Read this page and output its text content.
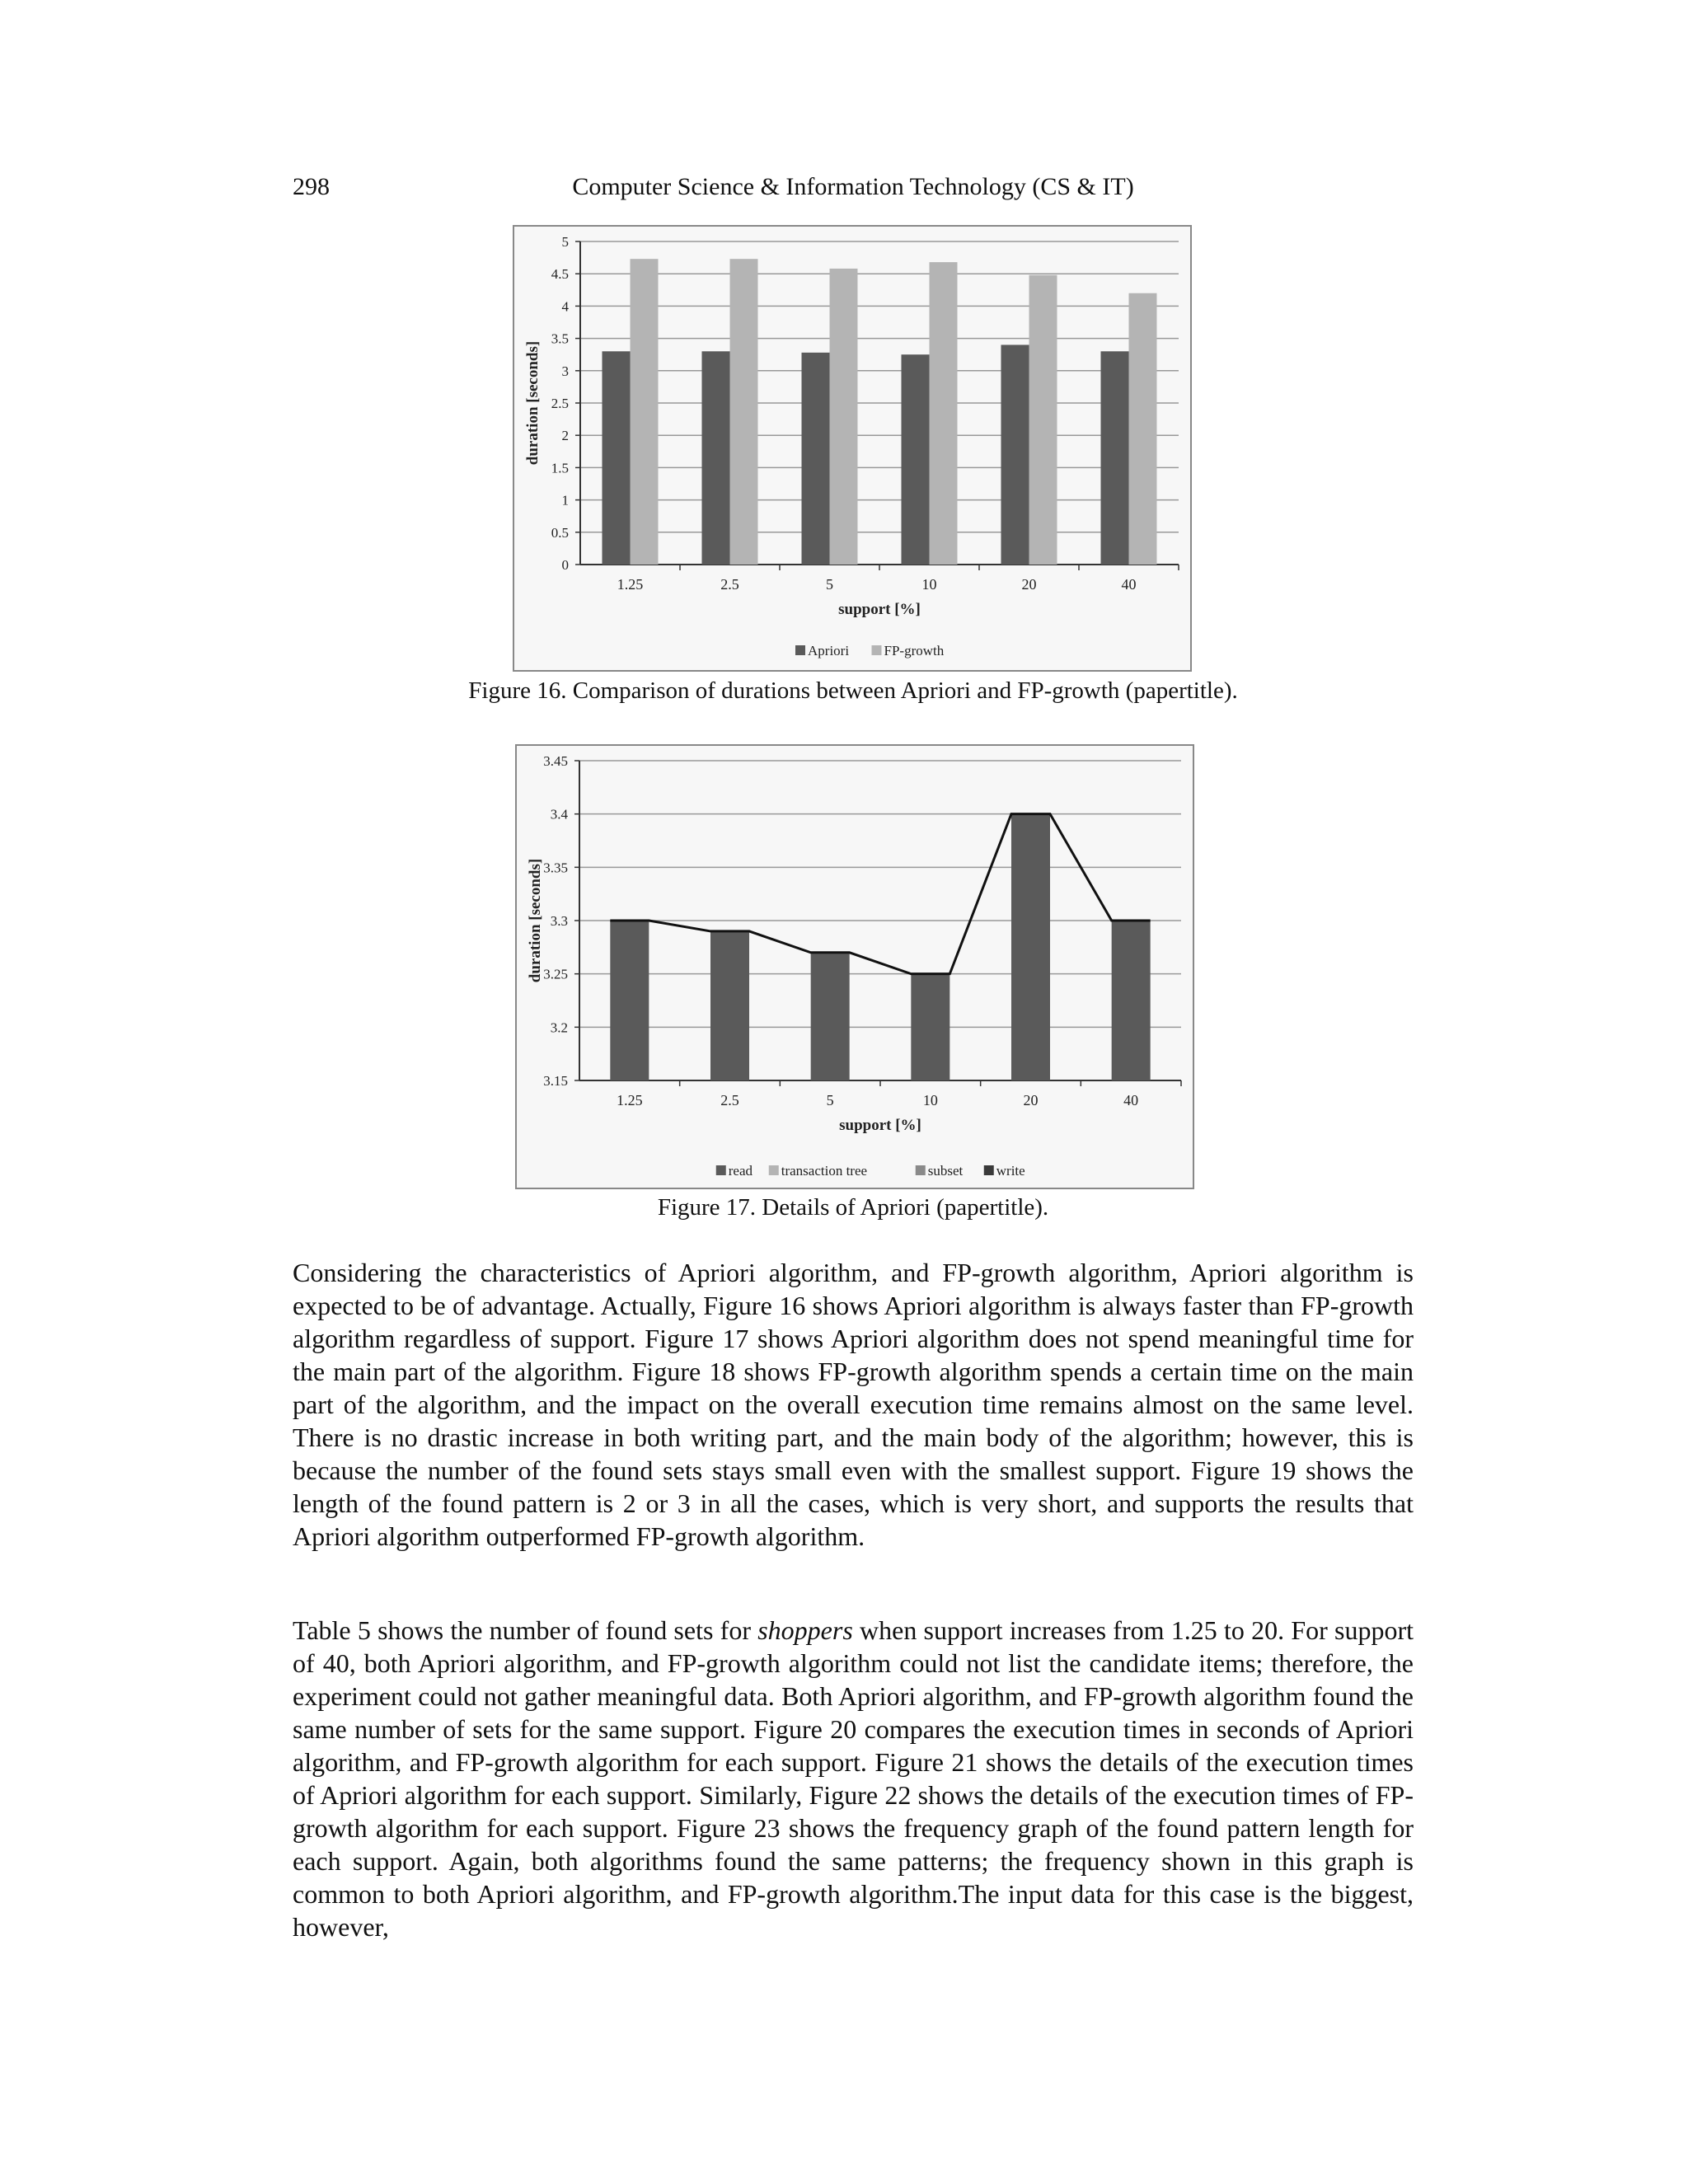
298	Computer Science & Information Technology (CS & IT)
0
0.5
1
1.5
2
2.5
3
3.5
4
4.5
5
1.25	2.5	5	10	20	40
support [%]
duration [seconds]
Apriori FP-growth
Figure 16. Comparison of durations between Apriori and FP-growth (papertitle).
3.15
3.2
3.25
3.3
3.35
3.4
3.45
1.25	2.5	5	10	20	40
support [%]
duration [seconds]
read transaction tree	subset write
Figure 17. Details of Apriori (papertitle).

Considering the characteristics of Apriori algorithm, and FP-growth algorithm, Apriori algorithm is expected to be of advantage. Actually, Figure 16 shows Apriori algorithm is always faster than FP-growth algorithm regardless of support. Figure 17 shows Apriori algorithm does not spend meaningful time for the main part of the algorithm. Figure 18 shows FP-growth algorithm spends a certain time on the main part of the algorithm, and the impact on the overall execution time remains almost on the same level. There is no drastic increase in both writing part, and the main body of the algorithm; however, this is because the number of the found sets stays small even with the smallest support. Figure 19 shows the length of the found pattern is 2 or 3 in all the cases, which is very short, and supports the results that Apriori algorithm outperformed FP-growth algorithm.

Table 5 shows the number of found sets for shoppers when support increases from 1.25 to 20. For support of 40, both Apriori algorithm, and FP-growth algorithm could not list the candidate items; therefore, the experiment could not gather meaningful data. Both Apriori algorithm, and FP-growth algorithm found the same number of sets for the same support. Figure 20 compares the execution times in seconds of Apriori algorithm, and FP-growth algorithm for each support. Figure 21 shows the details of the execution times of Apriori algorithm for each support. Similarly, Figure 22 shows the details of the execution times of FP-growth algorithm for each support. Figure 23 shows the frequency graph of the found pattern length for each support. Again, both algorithms found the same patterns; the frequency shown in this graph is common to both Apriori algorithm, and FP-growth algorithm.The input data for this case is the biggest, however,
